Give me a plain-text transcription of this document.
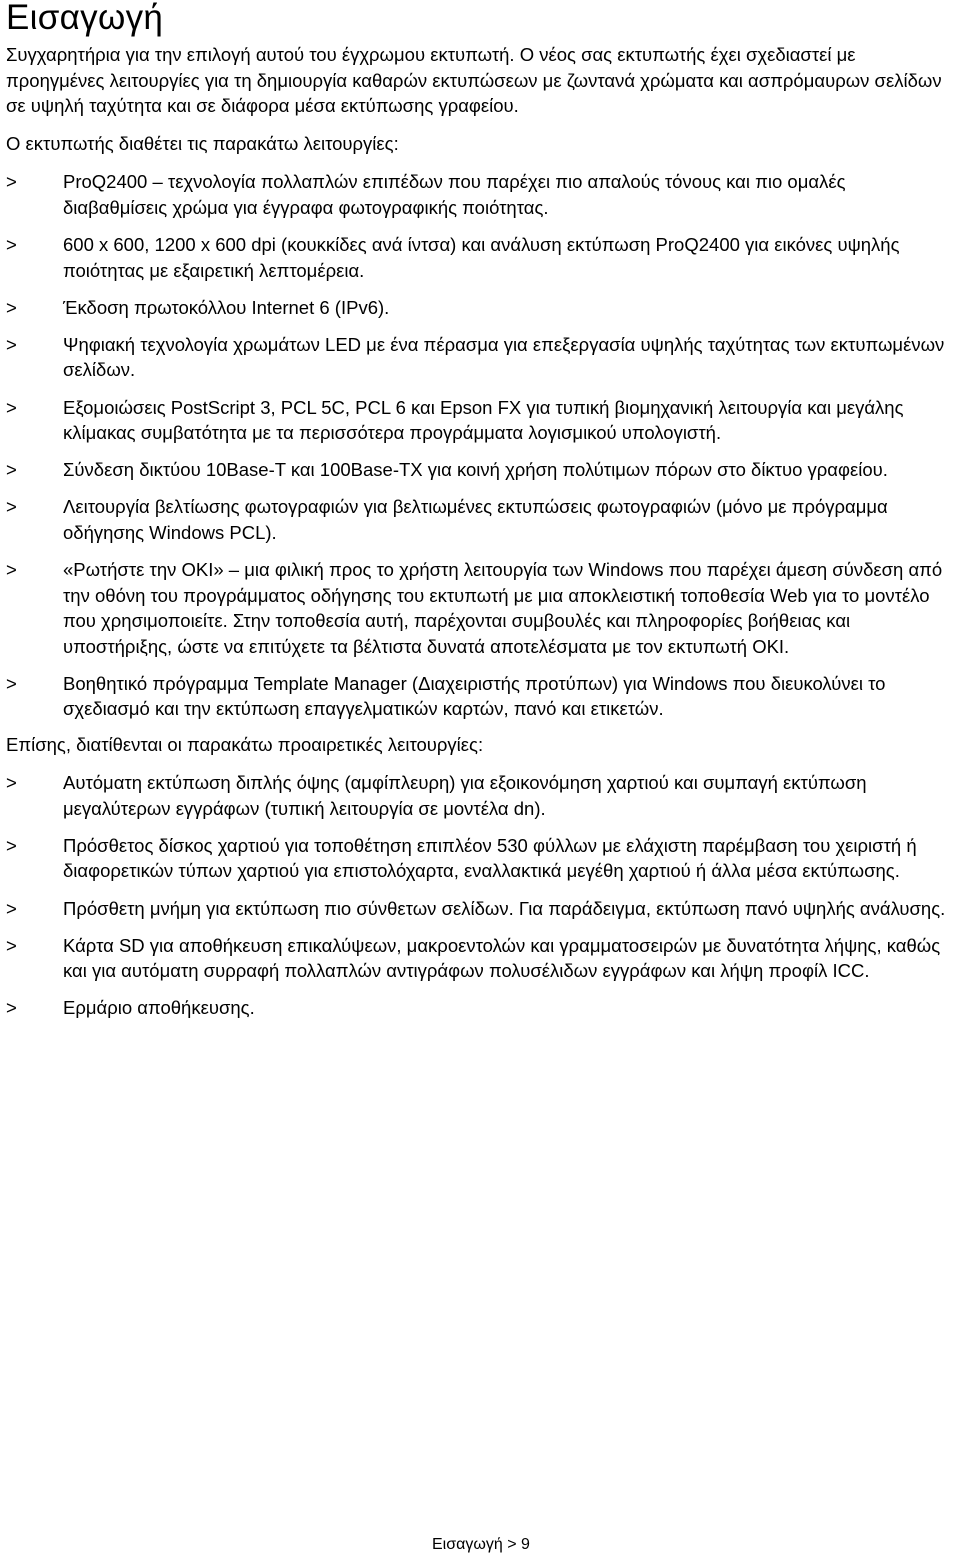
Εισαγωγή

Συγχαρητήρια για την επιλογή αυτού του έγχρωμου εκτυπωτή. Ο νέος σας εκτυπωτής έχει σχεδιαστεί με προηγμένες λειτουργίες για τη δημιουργία καθαρών εκτυπώσεων με ζωντανά χρώματα και ασπρόμαυρων σελίδων σε υψηλή ταχύτητα και σε διάφορα μέσα εκτύπωσης γραφείου.

Ο εκτυπωτής διαθέτει τις παρακάτω λειτουργίες:

>	ProQ2400 – τεχνολογία πολλαπλών επιπέδων που παρέχει πιο απαλούς τόνους και πιο ομαλές διαβαθμίσεις χρώμα για έγγραφα φωτογραφικής ποιότητας.
>	600 x 600, 1200 x 600 dpi (κουκκίδες ανά ίντσα) και ανάλυση εκτύπωση ProQ2400 για εικόνες υψηλής ποιότητας με εξαιρετική λεπτομέρεια.
>	Έκδοση πρωτοκόλλου Internet 6 (IPv6).
>	Ψηφιακή τεχνολογία χρωμάτων LED με ένα πέρασμα για επεξεργασία υψηλής ταχύτητας των εκτυπωμένων σελίδων.
>	Εξομοιώσεις PostScript 3, PCL 5C, PCL 6 και Epson FX για τυπική βιομηχανική λειτουργία και μεγάλης κλίμακας συμβατότητα με τα περισσότερα προγράμματα λογισμικού υπολογιστή.
>	Σύνδεση δικτύου 10Base-T και 100Base-TX για κοινή χρήση πολύτιμων πόρων στο δίκτυο γραφείου.
>	Λειτουργία βελτίωσης φωτογραφιών για βελτιωμένες εκτυπώσεις φωτογραφιών (μόνο με πρόγραμμα οδήγησης Windows PCL).
>	«Ρωτήστε την OKI» – μια φιλική προς το χρήστη λειτουργία των Windows που παρέχει άμεση σύνδεση από την οθόνη του προγράμματος οδήγησης του εκτυπωτή με μια αποκλειστική τοποθεσία Web για το μοντέλο που χρησιμοποιείτε. Στην τοποθεσία αυτή, παρέχονται συμβουλές και πληροφορίες βοήθειας και υποστήριξης, ώστε να επιτύχετε τα βέλτιστα δυνατά αποτελέσματα με τον εκτυπωτή OKI.
>	Βοηθητικό πρόγραμμα Template Manager (Διαχειριστής προτύπων) για Windows που διευκολύνει το σχεδιασμό και την εκτύπωση επαγγελματικών καρτών, πανό και ετικετών.

Επίσης, διατίθενται οι παρακάτω προαιρετικές λειτουργίες:

>	Αυτόματη εκτύπωση διπλής όψης (αμφίπλευρη) για εξοικονόμηση χαρτιού και συμπαγή εκτύπωση μεγαλύτερων εγγράφων (τυπική λειτουργία σε μοντέλα dn).
>	Πρόσθετος δίσκος χαρτιού για τοποθέτηση επιπλέον 530 φύλλων με ελάχιστη παρέμβαση του χειριστή ή διαφορετικών τύπων χαρτιού για επιστολόχαρτα, εναλλακτικά μεγέθη χαρτιού ή άλλα μέσα εκτύπωσης.
>	Πρόσθετη μνήμη για εκτύπωση πιο σύνθετων σελίδων. Για παράδειγμα, εκτύπωση πανό υψηλής ανάλυσης.
>	Κάρτα SD για αποθήκευση επικαλύψεων, μακροεντολών και γραμματοσειρών με δυνατότητα λήψης, καθώς και για αυτόματη συρραφή πολλαπλών αντιγράφων πολυσέλιδων εγγράφων και λήψη προφίλ ICC.
>	Ερμάριο αποθήκευσης.
Εισαγωγή > 9
